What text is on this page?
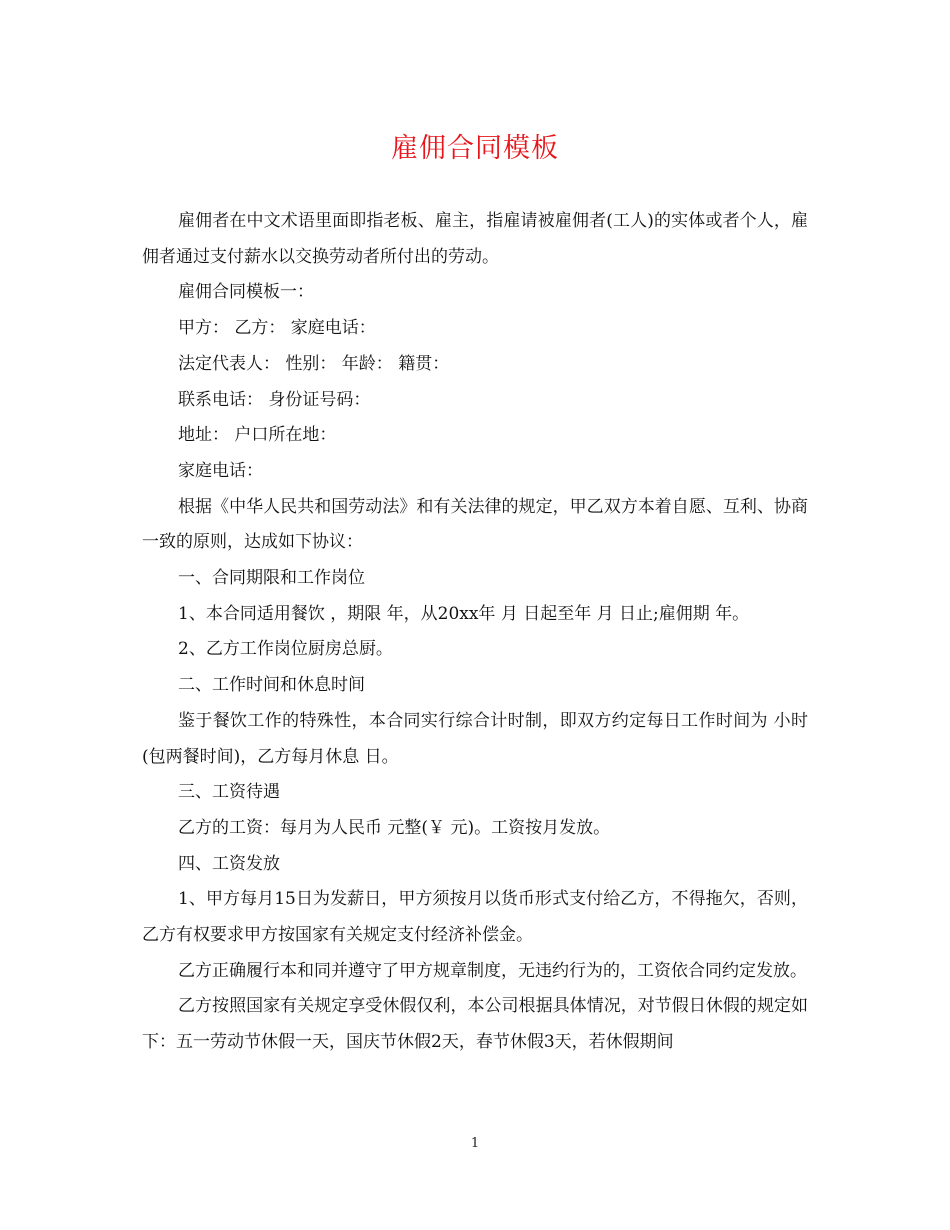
雇佣合同模板

雇佣者在中文术语里面即指老板、雇主，指雇请被雇佣者(工人)的实体或者个人，雇佣者通过支付薪水以交换劳动者所付出的劳动。

雇佣合同模板一：

甲方： 乙方： 家庭电话：

法定代表人： 性别： 年龄： 籍贯：

联系电话： 身份证号码：

地址： 户口所在地：

家庭电话：

根据《中华人民共和国劳动法》和有关法律的规定，甲乙双方本着自愿、互利、协商一致的原则，达成如下协议：

一、合同期限和工作岗位

1、本合同适用餐饮 ，期限 年，从20xx年 月 日起至年 月 日止;雇佣期 年。

2、乙方工作岗位厨房总厨。

二、工作时间和休息时间

鉴于餐饮工作的特殊性，本合同实行综合计时制，即双方约定每日工作时间为 小时(包两餐时间)，乙方每月休息 日。

三、工资待遇

乙方的工资：每月为人民币 元整(￥ 元)。工资按月发放。

四、工资发放

1、甲方每月15日为发薪日，甲方须按月以货币形式支付给乙方，不得拖欠，否则，乙方有权要求甲方按国家有关规定支付经济补偿金。

乙方正确履行本和同并遵守了甲方规章制度，无违约行为的，工资依合同约定发放。

乙方按照国家有关规定享受休假仅利，本公司根据具体情况，对节假日休假的规定如下：五一劳动节休假一天，国庆节休假2天，春节休假3天，若休假期间

1
